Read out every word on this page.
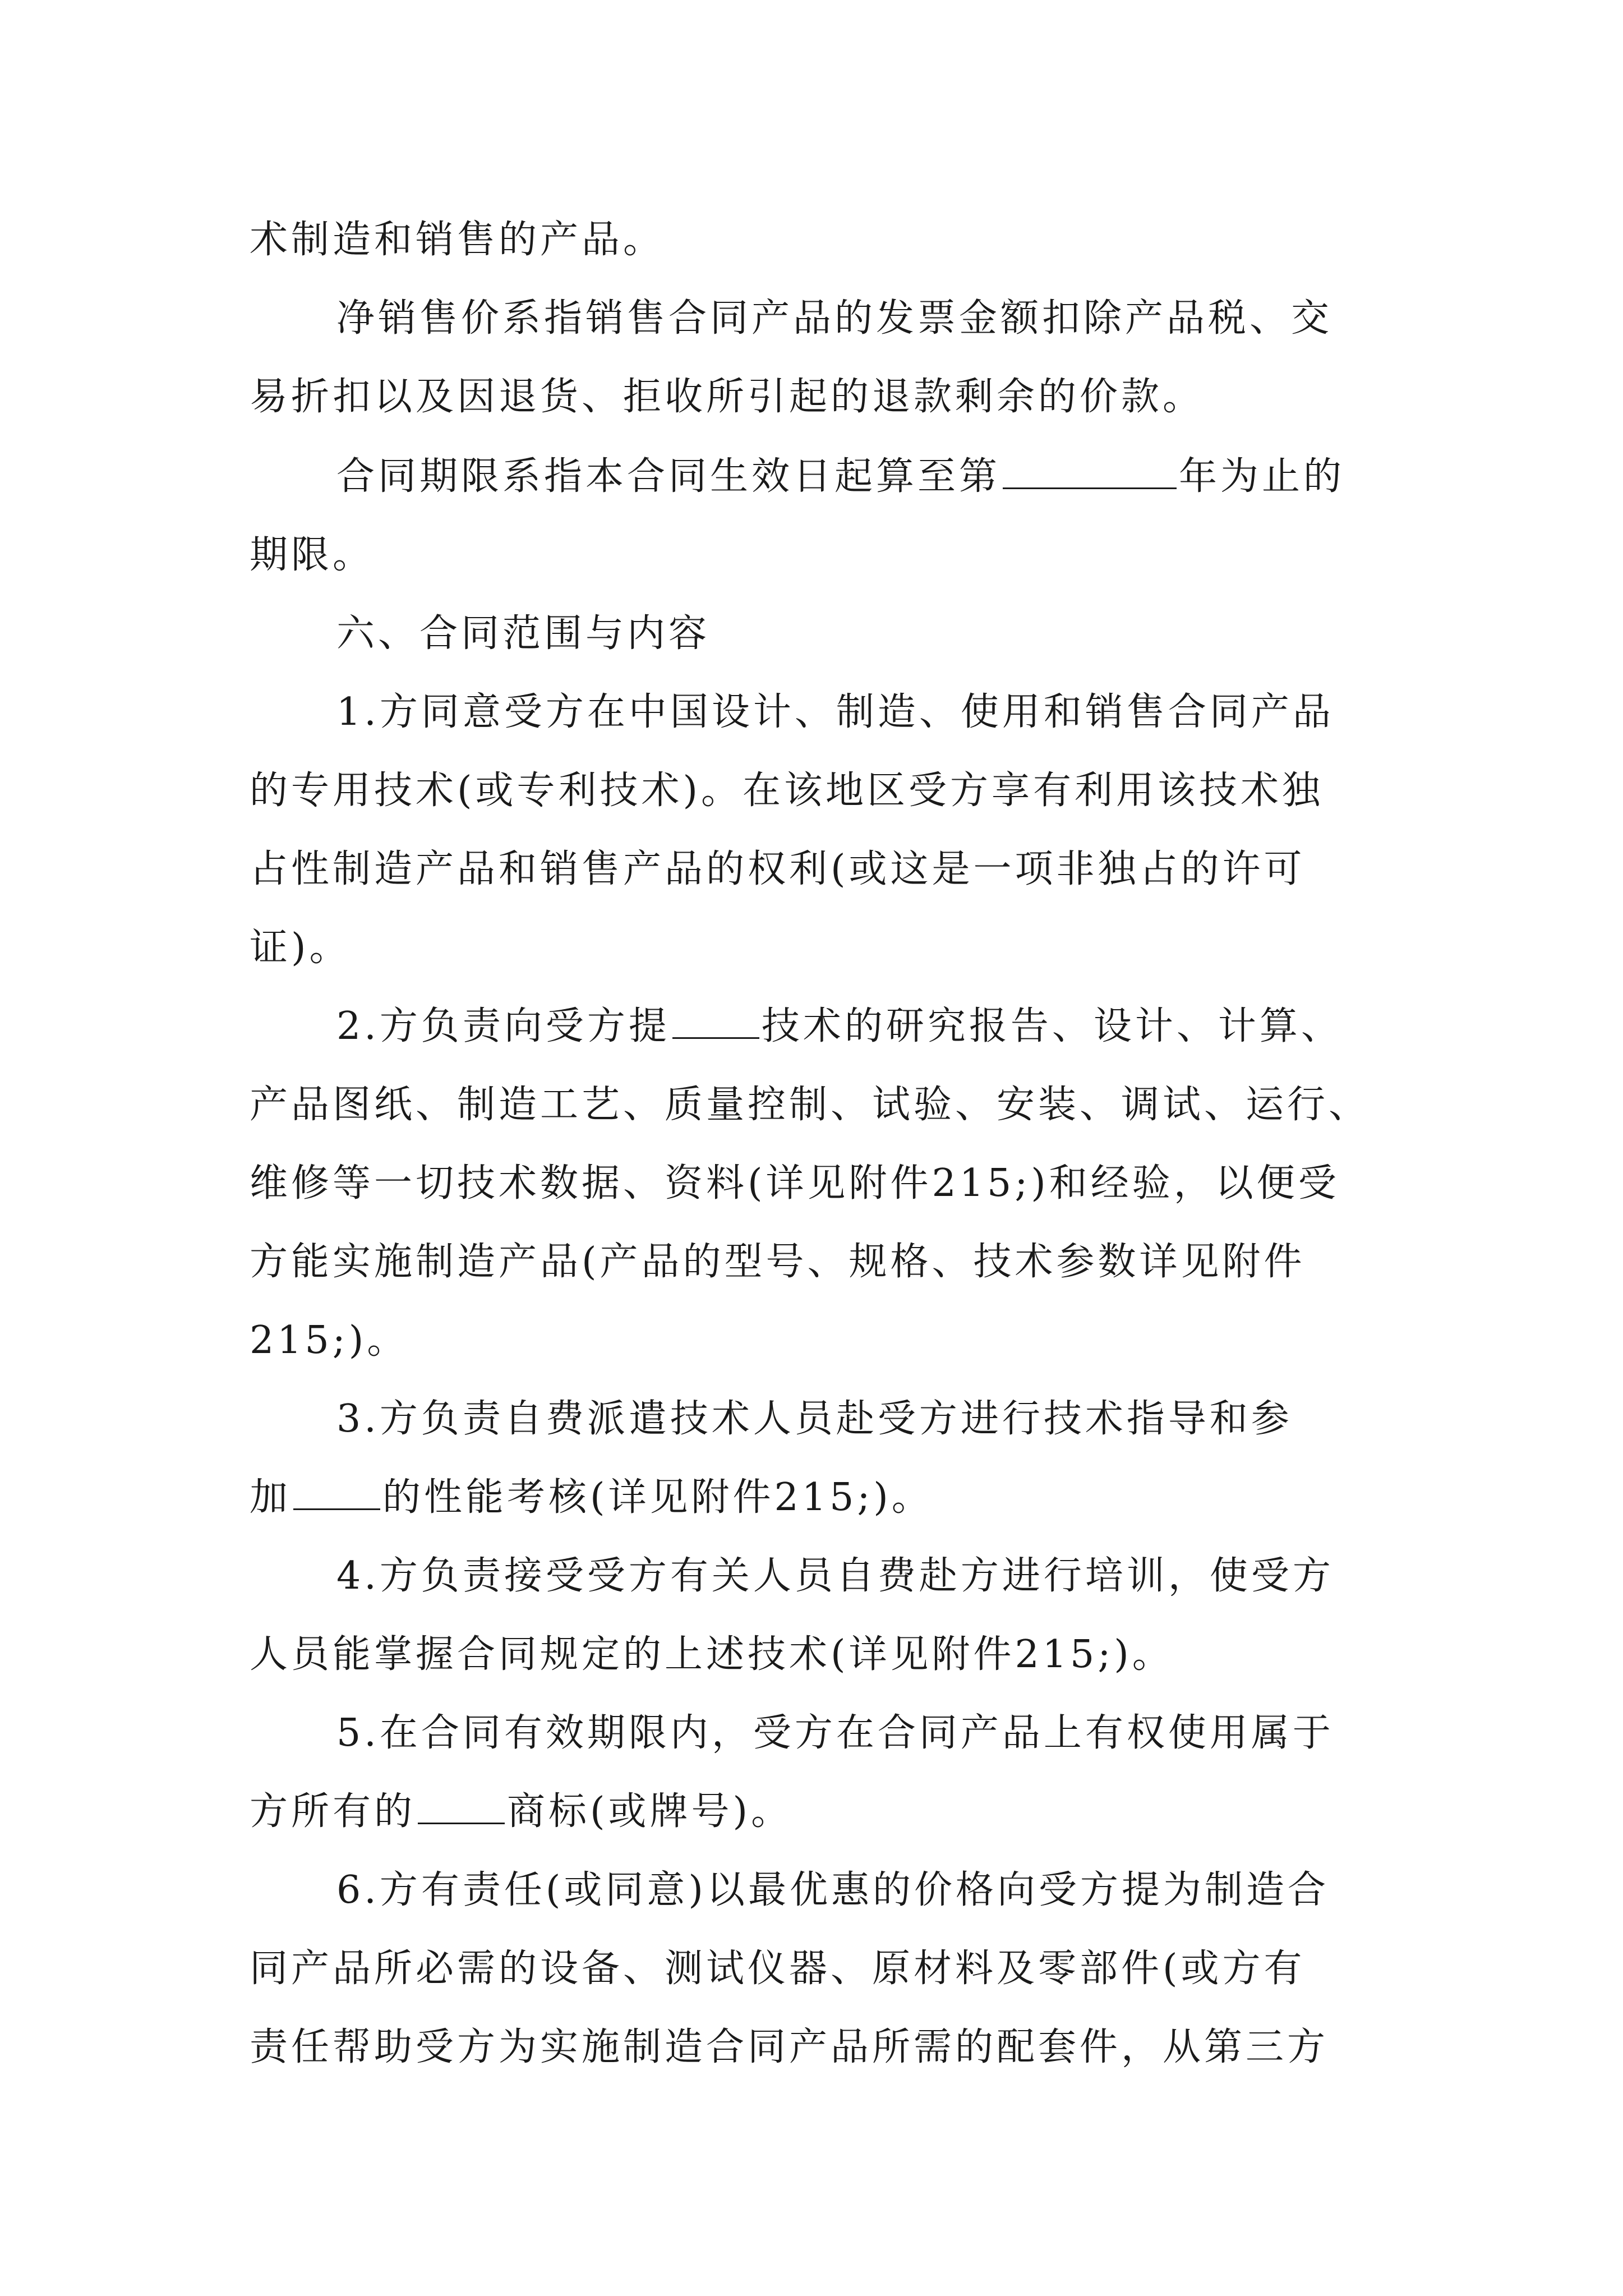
术制造和销售的产品。
净销售价系指销售合同产品的发票金额扣除产品税、交
易折扣以及因退货、拒收所引起的退款剩余的价款。
合同期限系指本合同生效日起算至第	年为止的
期限。
六、合同范围与内容
1.方同意受方在中国设计、制造、使用和销售合同产品
的专用技术(或专利技术)。在该地区受方享有利用该技术独
占性制造产品和销售产品的权利(或这是一项非独占的许可
证)。
2.方负责向受方提 技术的研究报告、设计、计算、
产品图纸、制造工艺、质量控制、试验、安装、调试、运行、
维修等一切技术数据、资料(详见附件215;)和经验，以便受
方能实施制造产品(产品的型号、规格、技术参数详见附件
215;)。
3.方负责自费派遣技术人员赴受方进行技术指导和参
加 的性能考核(详见附件215;)。
4.方负责接受受方有关人员自费赴方进行培训，使受方
人员能掌握合同规定的上述技术(详见附件215;)。
5.在合同有效期限内，受方在合同产品上有权使用属于
方所有的 商标(或牌号)。
6.方有责任(或同意)以最优惠的价格向受方提为制造合
同产品所必需的设备、测试仪器、原材料及零部件(或方有
责任帮助受方为实施制造合同产品所需的配套件，从第三方
